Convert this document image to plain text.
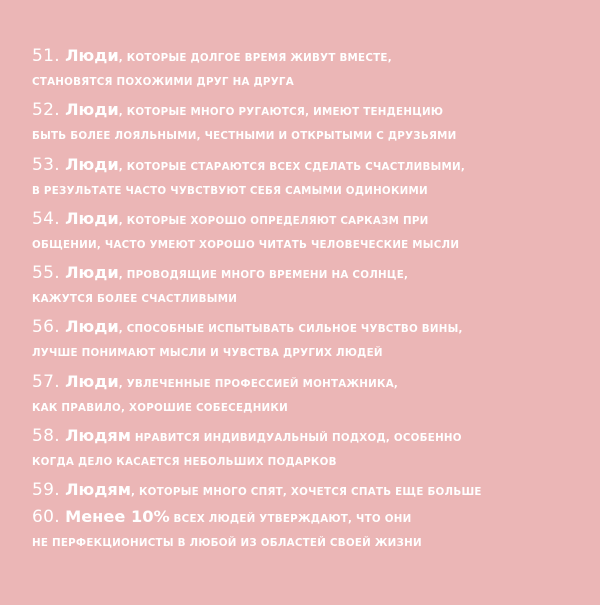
51. Люди, КОТОРЫЕ ДОЛГОЕ ВРЕМЯ ЖИВУТ ВМЕСТЕ,
СТАНОВЯТСЯ ПОХОЖИМИ ДРУГ НА ДРУГА
52. Люди, КОТОРЫЕ МНОГО РУГАЮТСЯ, ИМЕЮТ ТЕНДЕНЦИЮ
БЫТЬ БОЛЕЕ ЛОЯЛЬНЫМИ, ЧЕСТНЫМИ И ОТКРЫТЫМИ С ДРУЗЬЯМИ
53. Люди, КОТОРЫЕ СТАРАЮТСЯ ВСЕХ СДЕЛАТЬ СЧАСТЛИВЫМИ,
В РЕЗУЛЬТАТЕ ЧАСТО ЧУВСТВУЮТ СЕБЯ САМЫМИ ОДИНОКИМИ
54. Люди, КОТОРЫЕ ХОРОШО ОПРЕДЕЛЯЮТ САРКАЗМ ПРИ
ОБЩЕНИИ, ЧАСТО УМЕЮТ ХОРОШО ЧИТАТЬ ЧЕЛОВЕЧЕСКИЕ МЫСЛИ
55. Люди, ПРОВОДЯЩИЕ МНОГО ВРЕМЕНИ НА СОЛНЦЕ,
КАЖУТСЯ БОЛЕЕ СЧАСТЛИВЫМИ
56. Люди, СПОСОБНЫЕ ИСПЫТЫВАТЬ СИЛЬНОЕ ЧУВСТВО ВИНЫ,
ЛУЧШЕ ПОНИМАЮТ МЫСЛИ И ЧУВСТВА ДРУГИХ ЛЮДЕЙ
57. Люди, УВЛЕЧЕННЫЕ ПРОФЕССИЕЙ МОНТАЖНИКА,
КАК ПРАВИЛО, ХОРОШИЕ СОБЕСЕДНИКИ
58. Людям НРАВИТСЯ ИНДИВИДУАЛЬНЫЙ ПОДХОД, ОСОБЕННО
КОГДА ДЕЛО КАСАЕТСЯ НЕБОЛЬШИХ ПОДАРКОВ
59. Людям, КОТОРЫЕ МНОГО СПЯТ, ХОЧЕТСЯ СПАТЬ ЕЩЕ БОЛЬШЕ
60. Менее 10% ВСЕХ ЛЮДЕЙ УТВЕРЖДАЮТ, ЧТО ОНИ
НЕ ПЕРФЕКЦИОНИСТЫ В ЛЮБОЙ ИЗ ОБЛАСТЕЙ СВОЕЙ ЖИЗНИ
